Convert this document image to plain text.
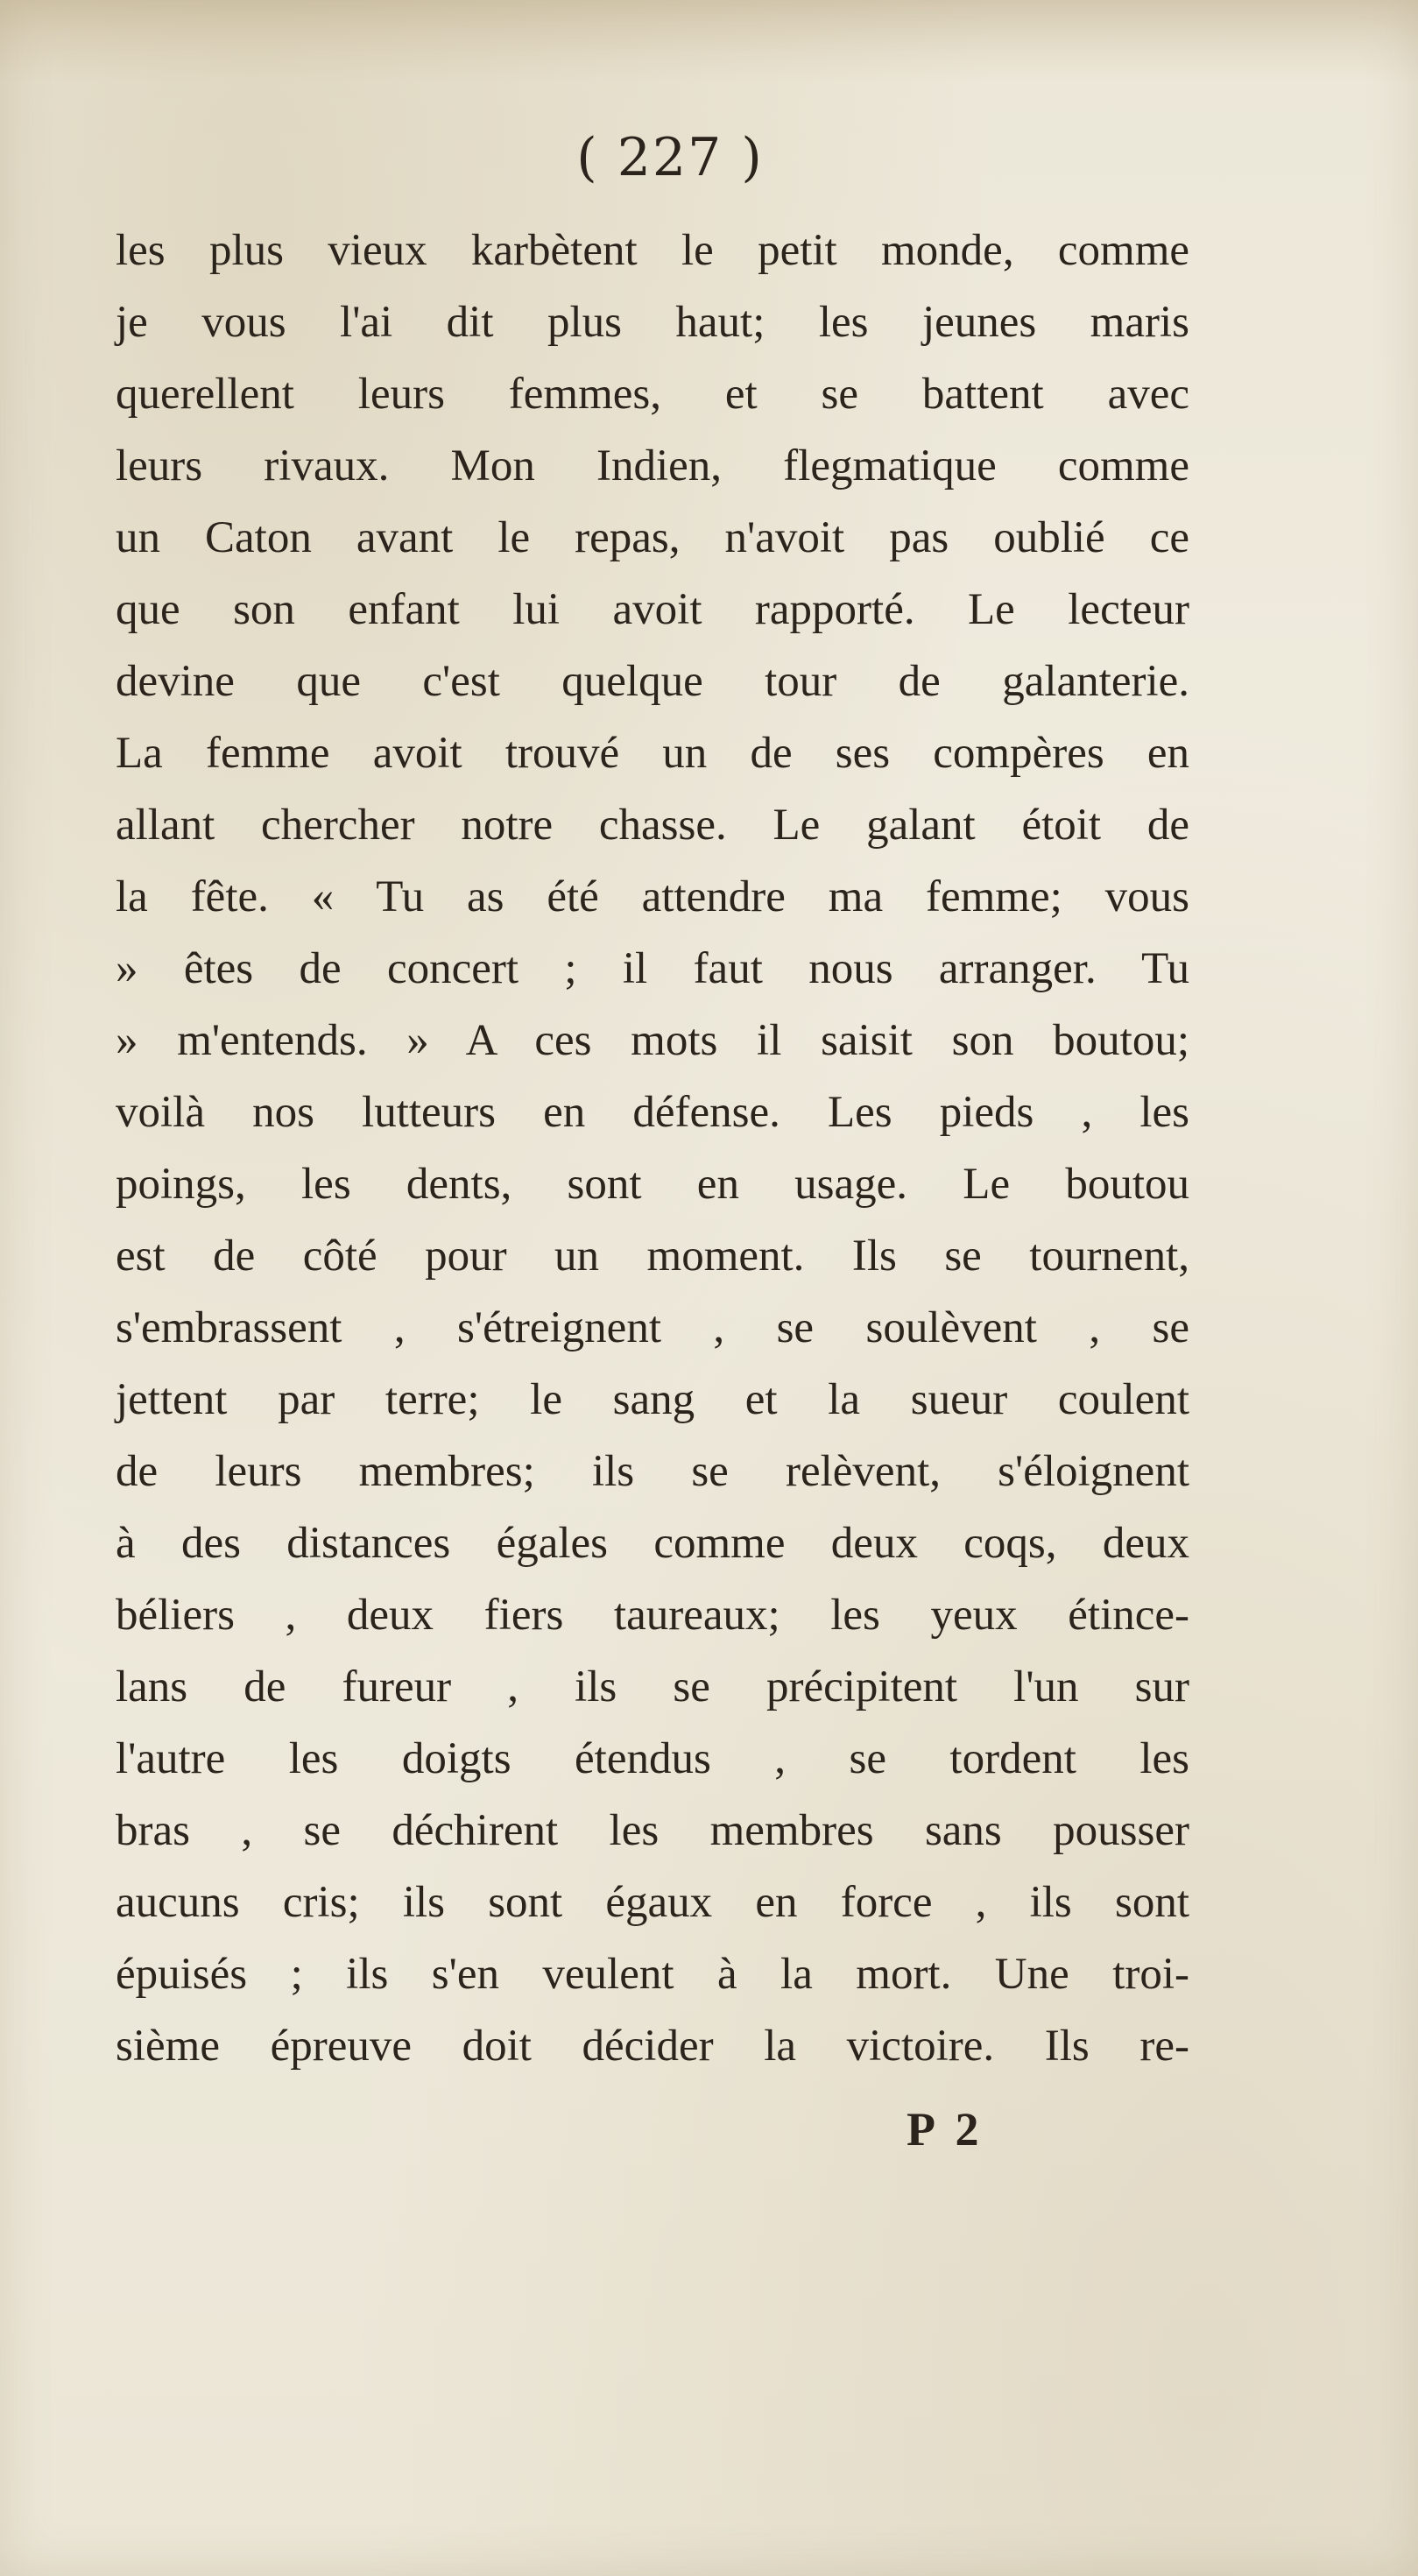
( 227 )
les plus vieux karbètent le petit monde, comme
je vous l'ai dit plus haut; les jeunes maris
querellent leurs femmes, et se battent avec
leurs rivaux. Mon Indien, flegmatique comme
un Caton avant le repas, n'avoit pas oublié ce
que son enfant lui avoit rapporté. Le lecteur
devine que c'est quelque tour de galanterie.
La femme avoit trouvé un de ses compères en
allant chercher notre chasse. Le galant étoit de
la fête. « Tu as été attendre ma femme; vous
» êtes de concert ; il faut nous arranger. Tu
» m'entends. » A ces mots il saisit son boutou;
voilà nos lutteurs en défense. Les pieds , les
poings, les dents, sont en usage. Le boutou
est de côté pour un moment. Ils se tournent,
s'embrassent , s'étreignent , se soulèvent , se
jettent par terre; le sang et la sueur coulent
de leurs membres; ils se relèvent, s'éloignent
à des distances égales comme deux coqs, deux
béliers , deux fiers taureaux; les yeux étince-
lans de fureur , ils se précipitent l'un sur
l'autre les doigts étendus , se tordent les
bras , se déchirent les membres sans pousser
aucuns cris; ils sont égaux en force , ils sont
épuisés ; ils s'en veulent à la mort. Une troi-
sième épreuve doit décider la victoire. Ils re-
P 2
